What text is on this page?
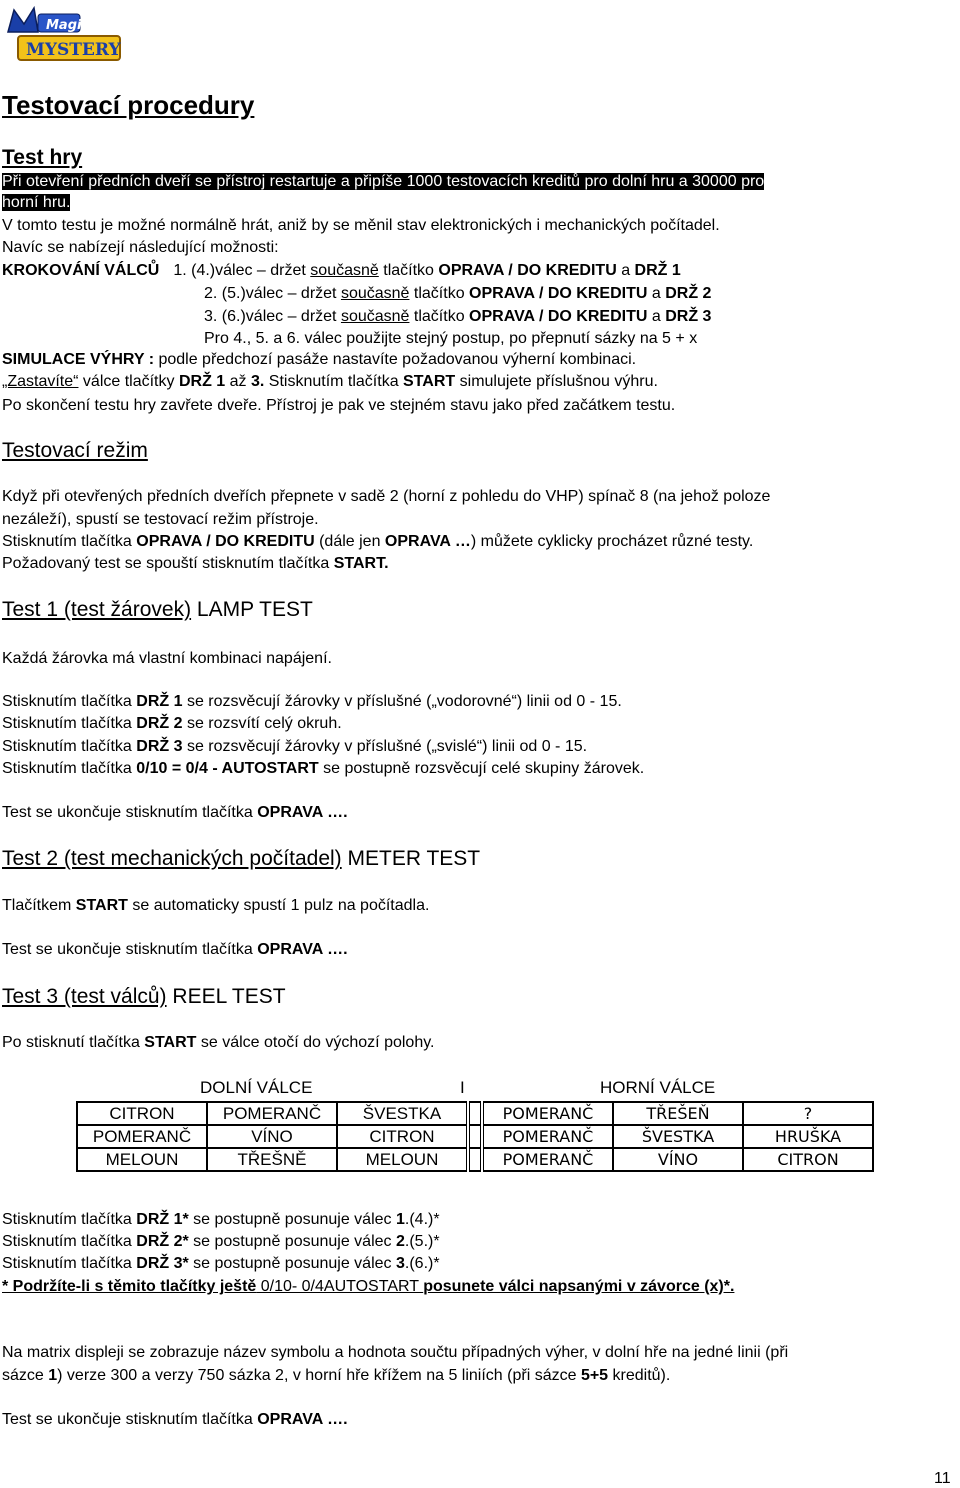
Magic
MYSTERY
Testovací procedury
Test hry
Při otevření předních dveří se přístroj restartuje a připíše 1000 testovacích kreditů pro dolní hru a 30000 pro
horní hru.
V tomto testu je možné normálně hrát, aniž by se měnil stav elektronických i mechanických počítadel.
Navíc se nabízejí následující možnosti:
KROKOVÁNÍ VÁLCŮ 1. (4.)válec – držet současně tlačítko OPRAVA / DO KREDITU a DRŽ 1
2. (5.)válec – držet současně tlačítko OPRAVA / DO KREDITU a DRŽ 2
3. (6.)válec – držet současně tlačítko OPRAVA / DO KREDITU a DRŽ 3
Pro 4., 5. a 6. válec použijte stejný postup, po přepnutí sázky na 5 + x
SIMULACE VÝHRY : podle předchozí pasáže nastavíte požadovanou výherní kombinaci.
„Zastavíte“ válce tlačítky DRŽ 1 až 3. Stisknutím tlačítka START simulujete příslušnou výhru.
Po skončení testu hry zavřete dveře. Přístroj je pak ve stejném stavu jako před začátkem testu.
Testovací režim
Když při otevřených předních dveřích přepnete v sadě 2 (horní z pohledu do VHP) spínač 8 (na jehož poloze
nezáleží), spustí se testovací režim přístroje.
Stisknutím tlačítka OPRAVA / DO KREDITU (dále jen OPRAVA …) můžete cyklicky procházet různé testy.
Požadovaný test se spouští stisknutím tlačítka START.
Test 1 (test žárovek) LAMP TEST
Každá žárovka má vlastní kombinaci napájení.
Stisknutím tlačítka DRŽ 1 se rozsvěcují žárovky v příslušné („vodorovné“) linii od 0 - 15.
Stisknutím tlačítka DRŽ 2 se rozsvítí celý okruh.
Stisknutím tlačítka DRŽ 3 se rozsvěcují žárovky v příslušné („svislé“) linii od 0 - 15.
Stisknutím tlačítka 0/10 = 0/4 - AUTOSTART se postupně rozsvěcují celé skupiny žárovek.
Test se ukončuje stisknutím tlačítka OPRAVA ….
Test 2 (test mechanických počítadel) METER TEST
Tlačítkem START se automaticky spustí 1 pulz na počítadla.
Test se ukončuje stisknutím tlačítka OPRAVA ….
Test 3 (test válců) REEL TEST
Po stisknutí tlačítka START se válce otočí do výchozí polohy.
DOLNÍ VÁLCE	I	HORNÍ VÁLCE
CITRON	POMERANČ	ŠVESTKA		POMERANČ	TŘEŠEŇ	?
POMERANČ	VÍNO	CITRON		POMERANČ	ŠVESTKA	HRUŠKA
MELOUN	TŘEŠNĚ	MELOUN		POMERANČ	VÍNO	CITRON
Stisknutím tlačítka DRŽ 1* se postupně posunuje válec 1.(4.)*
Stisknutím tlačítka DRŽ 2* se postupně posunuje válec 2.(5.)*
Stisknutím tlačítka DRŽ 3* se postupně posunuje válec 3.(6.)*
* Podržíte-li s těmito tlačítky ještě 0/10- 0/4AUTOSTART posunete válci napsanými v závorce (x)*.
Na matrix displeji se zobrazuje název symbolu a hodnota součtu případných výher, v dolní hře na jedné linii (při
sázce 1) verze 300 a verzy 750 sázka 2, v horní hře křížem na 5 liniích (při sázce 5+5 kreditů).
Test se ukončuje stisknutím tlačítka OPRAVA ….
11
